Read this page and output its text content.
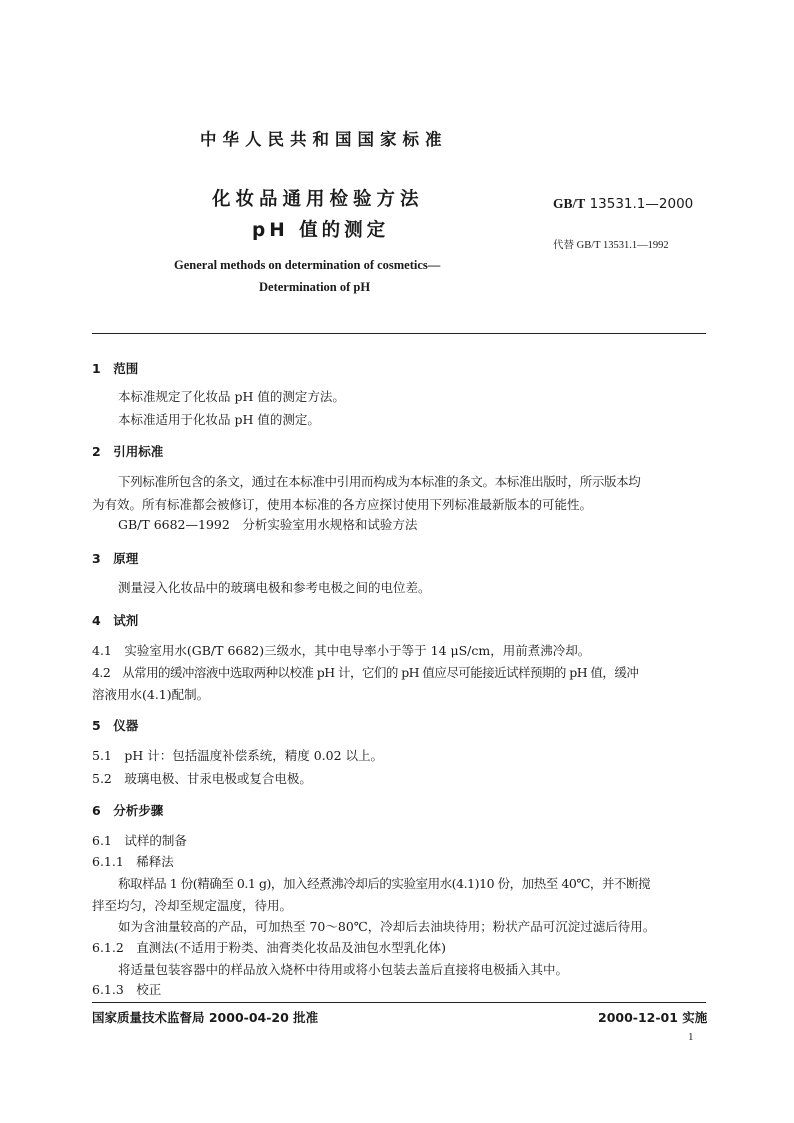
中华人民共和国国家标准
化妆品通用检验方法
pH 值的测定
General methods on determination of cosmetics—
Determination of pH
GB/T 13531.1—2000
代替 GB/T 13531.1—1992
1　范围
本标准规定了化妆品 pH 值的测定方法。
本标准适用于化妆品 pH 值的测定。
2　引用标准
下列标准所包含的条文，通过在本标准中引用而构成为本标准的条文。本标准出版时，所示版本均
为有效。所有标准都会被修订，使用本标准的各方应探讨使用下列标准最新版本的可能性。
GB/T 6682—1992　分析实验室用水规格和试验方法
3　原理
测量浸入化妆品中的玻璃电极和参考电极之间的电位差。
4　试剂
4.1　实验室用水(GB/T 6682)三级水，其中电导率小于等于 14 μS/cm，用前煮沸冷却。
4.2　从常用的缓冲溶液中选取两种以校准 pH 计，它们的 pH 值应尽可能接近试样预期的 pH 值，缓冲
溶液用水(4.1)配制。
5　仪器
5.1　pH 计：包括温度补偿系统，精度 0.02 以上。
5.2　玻璃电极、甘汞电极或复合电极。
6　分析步骤
6.1　试样的制备
6.1.1　稀释法
称取样品 1 份(精确至 0.1 g)，加入经煮沸冷却后的实验室用水(4.1)10 份，加热至 40℃，并不断搅
拌至均匀，冷却至规定温度，待用。
如为含油量较高的产品，可加热至 70～80℃，冷却后去油块待用；粉状产品可沉淀过滤后待用。
6.1.2　直测法(不适用于粉类、油膏类化妆品及油包水型乳化体)
将适量包装容器中的样品放入烧杯中待用或将小包装去盖后直接将电极插入其中。
6.1.3　校正
国家质量技术监督局 2000-04-20 批准	2000-12-01 实施
1
